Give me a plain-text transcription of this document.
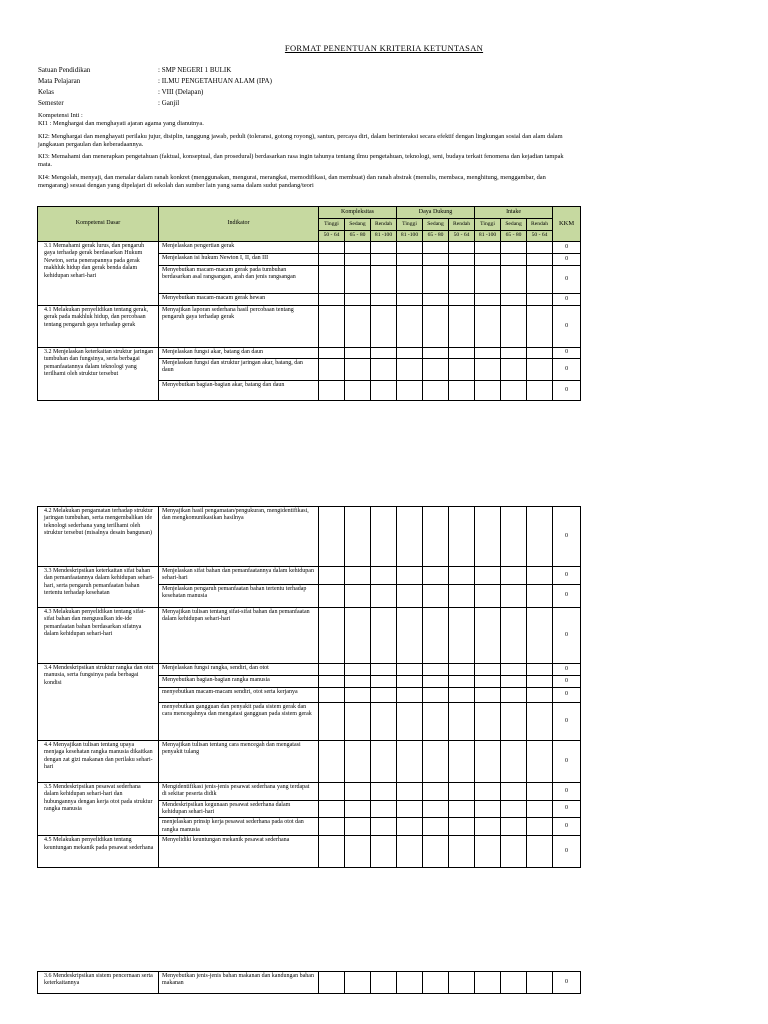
FORMAT PENENTUAN KRITERIA KETUNTASAN
Satuan Pendidikan	: SMP NEGERI 1 BULIK
Mata Pelajaran	: ILMU PENGETAHUAN ALAM (IPA)
Kelas	: VIII (Delapan)
Semester	: Ganjil

Kompetensi Inti :

KI1 : Menghargai dan menghayati ajaran agama yang dianutnya.

KI2: Menghargai dan menghayati perilaku jujur, disiplin, tanggung jawab, peduli (toleransi, gotong royong), santun, percaya diri, dalam berinteraksi secara efektif dengan lingkungan sosial dan alam dalam jangkauan pergaulan dan keberadaannya.

KI3: Memahami dan menerapkan pengetahuan (faktual, konseptual, dan prosedural) berdasarkan rasa ingin tahunya tentang ilmu pengetahuan, teknologi, seni, budaya terkait fenomena dan kejadian tampak mata.

KI4: Mengolah, menyaji, dan menalar dalam ranah konkret (menggunakan, mengurai, merangkai, memodifikasi, dan membuat) dan ranah abstrak (menulis, membaca, menghitung, menggambar, dan mengarang) sesuai dengan yang dipelajari di sekolah dan sumber lain yang sama dalam sudut pandang/teori

Kompetensi Dasar	Indikator	Kompleksitas			Daya Dukung			Intake			KKM
		Tinggi	Sedang	Rendah	Tinggi	Sedang	Rendah	Tinggi	Sedang	Rendah	
		50 - 64	65 - 80	81 -100	81 -100	65 - 80	50 - 64	81 -100	65 - 80	50 - 64	
3.1 Memahami gerak lurus, dan pengaruh gaya terhadap gerak berdasarkan Hukum Newton, serta penerapannya pada gerak makhluk hidup dan gerak benda dalam kehidupan sehari-hari	Menjelaskan pengertian gerak										0
	Menjelaskan isi hukum Newton I, II, dan III										0
	Menyebutkan macam-macam gerak pada tumbuhan berdasarkan asal rangsangan, arah dan jenis rangsangan										0
	Menyebutkan macam-macam gerak hewan										0
4.1 Melakukan penyelidikan tentang gerak, gerak pada makhluk hidup, dan percobaan tentang pengaruh gaya terhadap gerak	Menyajikan laporan sederhana hasil percobaan tentang pengaruh gaya terhadap gerak										0
3.2 Menjelaskan keterkaitan struktur jaringan tumbuhan dan fungsinya, serta berbagai pemanfaatannya dalam teknologi yang terilhami oleh struktur tersebut	Menjelaskan fungsi akar, batang dan daun										0
	Menjelaskan fungsi dan struktur jaringan akar, batang, dan daun										0
	Menyebutkan bagian-bagian akar, batang dan daun										0
4.2 Melakukan pengamatan terhadap struktur jaringan tumbuhan, serta mengembalikan ide teknologi sederhana yang terilhami oleh struktur tersebut (misalnya desain bangunan)	Menyajikan hasil pengamatan/pengukuran, mengidentifikasi, dan mengkomunikasikan hasilnya										0
3.3 Mendeskripsikan keterkaitan sifat bahan dan pemanfaatannya dalam kehidupan sehari-hari, serta pengaruh pemanfaatan bahan tertentu terhadap kesehatan	Menjelaskan sifat bahan dan pemanfaatannya dalam kehidupan sehari-hari										0
	Menjelaskan pengaruh pemanfaatan bahan tertentu terhadap kesehatan manusia										0
4.3 Melakukan penyelidikan tentang sifat-sifat bahan dan mengusulkan ide-ide pemanfaatan bahan berdasarkan sifatnya dalam kehidupan sehari-hari	Menyajikan tulisan tentang sifat-sifat bahan dan pemanfaatan dalam kehidupan sehari-hari										0
3.4 Mendeskripsikan struktur rangka dan otot manusia, serta fungsinya pada berbagai kondisi	Menjelaskan fungsi rangka, sendiri, dan otot										0
	Menyebutkan bagian-bagian rangka manusia										0
	menyebutkan macam-macam sendiri, otot serta kerjanya										0
	menyebutkan gangguan dan penyakit pada sistem gerak dan cara mencegahnya dan mengatasi gangguan pada sistem gerak										0
4.4 Menyajikan tulisan tentang upaya menjaga kesehatan rangka manusia dikaitkan dengan zat gizi makanan dan perilaku sehari-hari	Menyajikan tulisan tentang cara mencegah dan mengatasi penyakit tulang										0
3.5 Mendeskripsikan pesawat sederhana dalam kehidupan sehari-hari dan hubungannya dengan kerja otot pada struktur rangka manusia	Mengidentifikasi jenis-jenis pesawat sederhana yang terdapat di sekitar peserta didik										0
	Mendeskripsikan kegunaan pesawat sederhana dalam kehidupan sehari-hari										0
	menjelaskan prinsip kerja pesawat sederhana pada otot dan rangka manusia										0
4.5 Melakukan penyelidikan tentang keuntungan mekanik pada pesawat sederhana	Menyelidiki keuntungan mekanik pesawat sederhana										0
3.6 Mendeskripsikan sistem pencernaan serta keterkaitannya	Menyebutkan jenis-jenis bahan makanan dan kandungan bahan makanan										0
